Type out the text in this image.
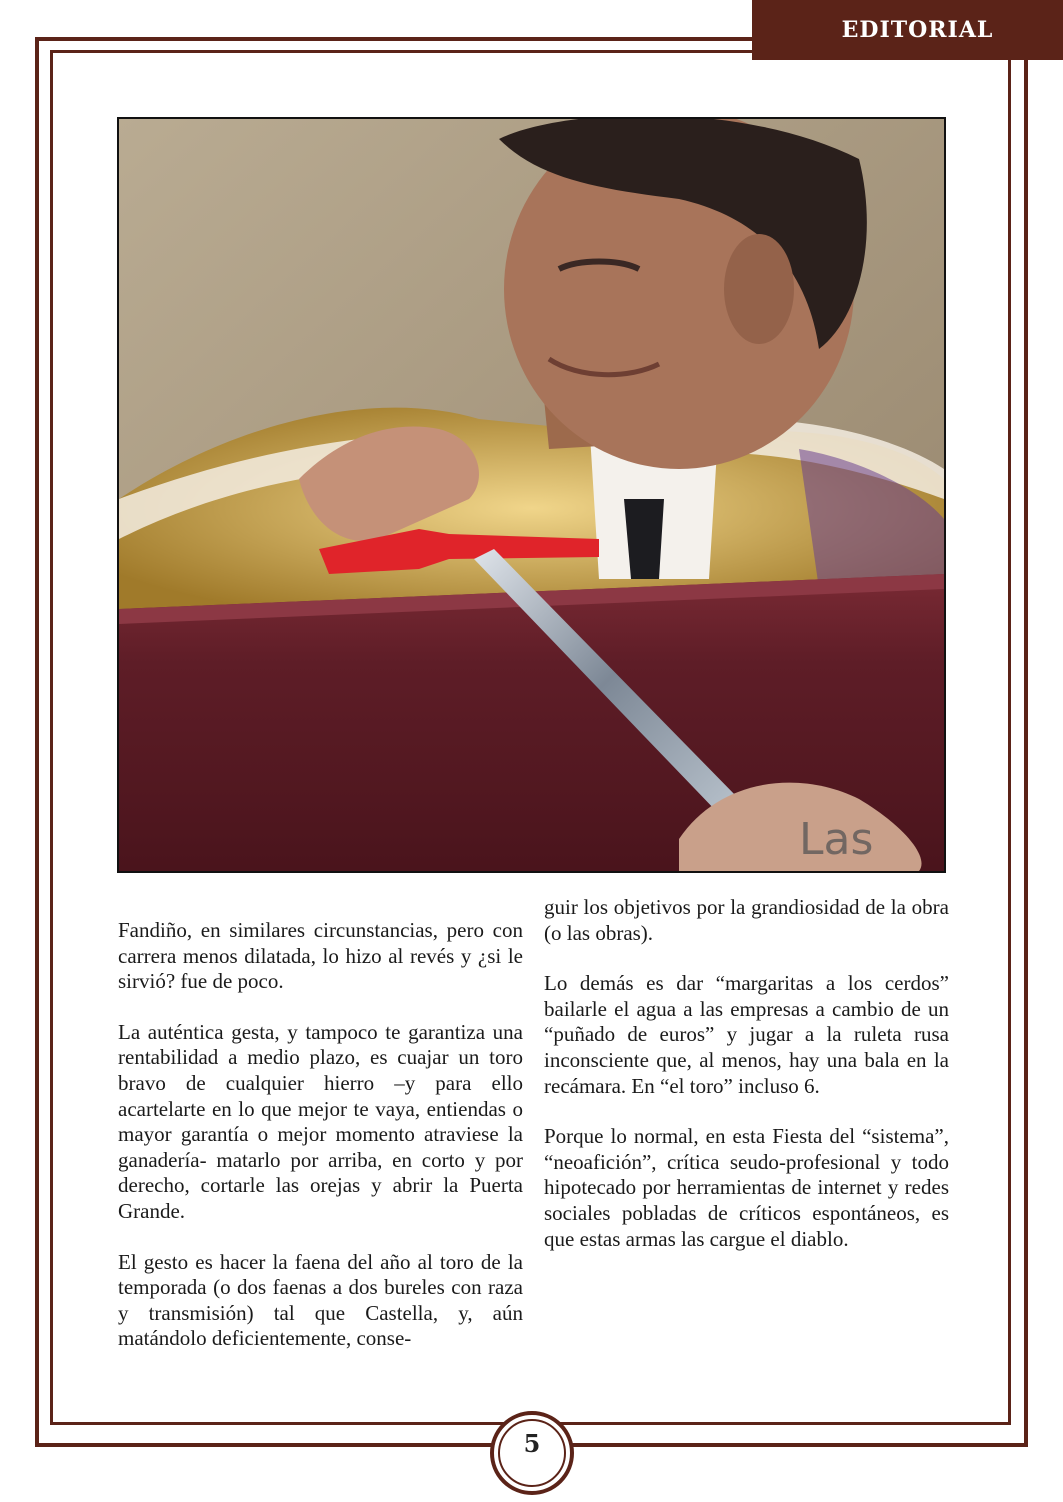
EDITORIAL
Las

Fandiño, en similares circunstancias, pero con carrera menos dilatada, lo hizo al revés y ¿si le sirvió? fue de poco.

La auténtica gesta, y tampoco te garantiza una rentabilidad a medio plazo, es cuajar un toro bravo de cualquier hierro –y para ello acartelarte en lo que mejor te vaya, entiendas o mayor garantía o mejor momento atraviese la ganadería- matarlo por arriba, en corto y por derecho, cortarle las orejas y abrir la Puerta Grande.

El gesto es hacer la faena del año al toro de la temporada (o dos faenas a dos bureles con raza y transmisión) tal que Castella, y, aún matándolo deficientemente, conse-

guir los objetivos por la grandiosidad de la obra (o las obras).

Lo demás es dar “margaritas a los cerdos” bailarle el agua a las empresas a cambio de un “puñado de euros” y jugar a la ruleta rusa inconsciente que, al menos, hay una bala en la recámara. En “el toro” incluso 6.

Porque lo normal, en esta Fiesta del “sistema”, “neoafición”, crítica seudo-profesional y todo hipotecado por herramientas de internet y redes sociales pobladas de críticos espontáneos, es que estas armas las cargue el diablo.

5
